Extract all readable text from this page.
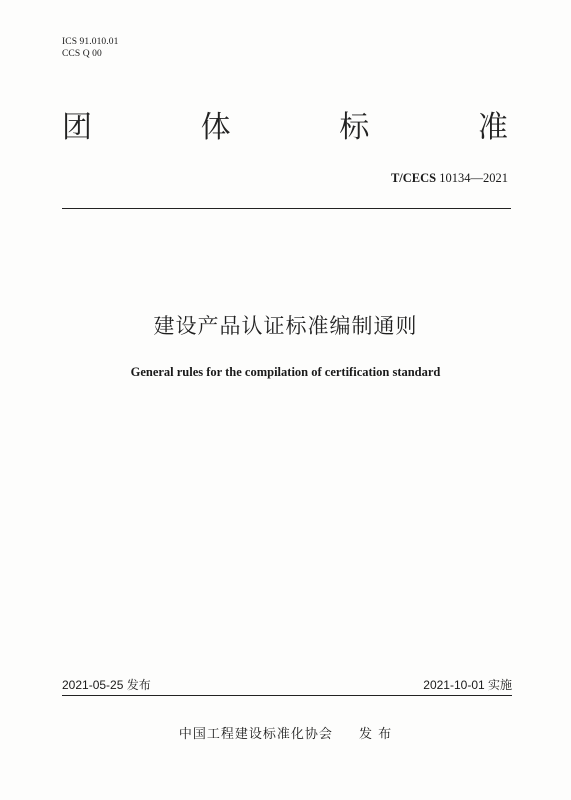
ICS 91.010.01
CCS Q 00
团	体	标	准
T/CECS 10134—2021
建设产品认证标准编制通则
General rules for the compilation of certification standard
2021-05-25 发布	2021-10-01 实施
中国工程建设标准化协会 发 布
